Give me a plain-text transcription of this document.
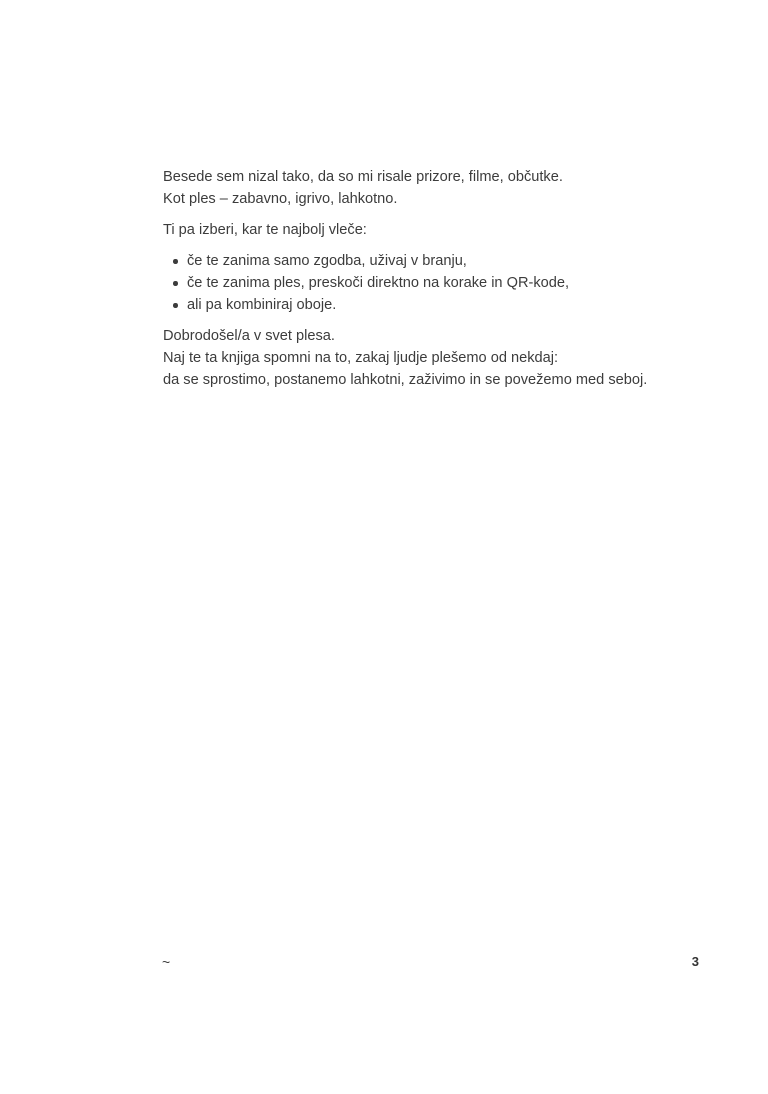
Besede sem nizal tako, da so mi risale prizore, filme, občutke.
Kot ples – zabavno, igrivo, lahkotno.

Ti pa izberi, kar te najbolj vleče:

če te zanima samo zgodba, uživaj v branju,
če te zanima ples, preskoči direktno na korake in QR-kode,
ali pa kombiniraj oboje.

Dobrodošel/a v svet plesa.
Naj te ta knjiga spomni na to, zakaj ljudje plešemo od nekdaj:
da se sprostimo, postanemo lahkotni, zaživimo in se povežemo med seboj.

~	3
